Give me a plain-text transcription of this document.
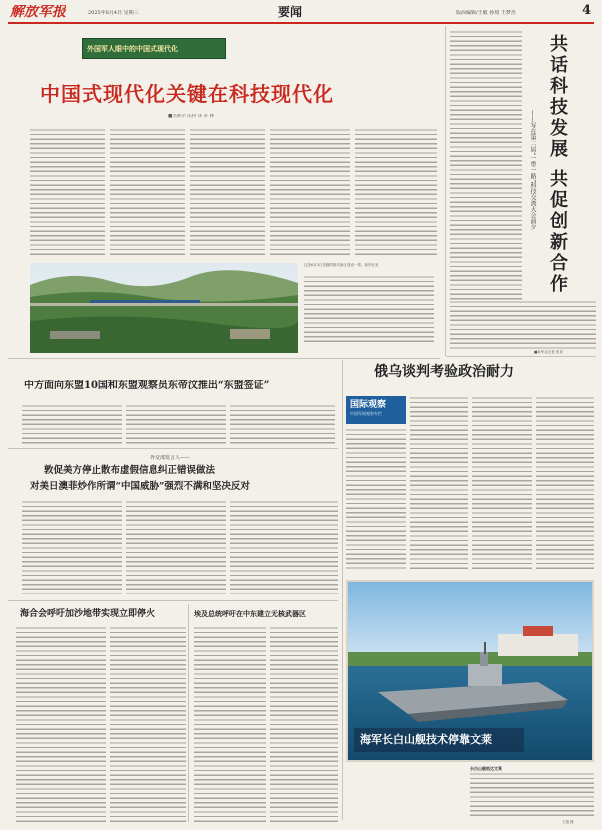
解放军报	2025年6月4日 星期三	要闻	版面编辑/王敏 孙琦 王梦杰	4
外国军人眼中的中国式现代化
中国式现代化关键在科技现代化
■杰斯尔 沃特 译 卓 林
这是6月3日拍摄的雄安新区建设一景。新华社发	共话科技发展 共促创新合作
——写在第二届“一带一路”科技交流大会前夕
■新华社记者 张泉
中方面向东盟10国和东盟观察员东帝汶推出“东盟签证”
外交部发言人——
敦促美方停止散布虚假信息纠正错误做法
对美日澳菲炒作所谓“中国威胁”强烈不满和坚决反对
海合会呼吁加沙地带实现立即停火	埃及总统呼吁在中东建立无核武器区
俄乌谈判考验政治耐力
国际观察
中国军网观察专栏
海军长白山舰技术停靠文莱
长白山舰抵达文莱
王超 摄
